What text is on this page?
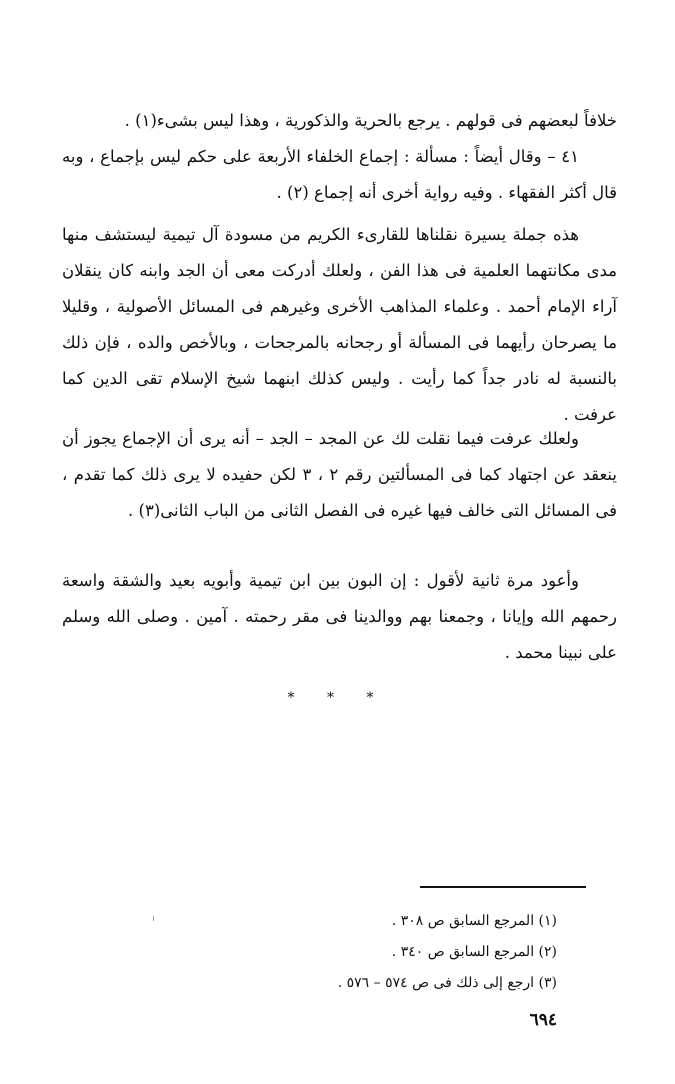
خلافاً لبعضهم فى قولهم . يرجع بالحرية والذكورية ، وهذا ليس بشىء(١) .

٤١ – وقال أيضاً : مسألة : إجماع الخلفاء الأربعة على حكم ليس بإجماع ، وبه قال أكثر الفقهاء . وفيه رواية أخرى أنه إجماع (٢) .

هذه جملة يسيرة نقلناها للقارىء الكريم من مسودة آل تيمية ليستشف منها مدى مكانتهما العلمية فى هذا الفن ، ولعلك أدركت معى أن الجد وابنه كان ينقلان آراء الإمام أحمد . وعلماء المذاهب الأخرى وغيرهم فى المسائل الأصولية ، وقليلا ما يصرحان رأيهما فى المسألة أو رجحانه بالمرجحات ، وبالأخص والده ، فإن ذلك بالنسبة له نادر جداً كما رأيت . وليس كذلك ابنهما شيخ الإسلام تقى الدين كما عرفت .

ولعلك عرفت فيما نقلت لك عن المجد – الجد – أنه يرى أن الإجماع يجوز أن ينعقد عن اجتهاد كما فى المسألتين رقم ٢ ، ٣ لكن حفيده لا يرى ذلك كما تقدم ، فى المسائل التى خالف فيها غيره فى الفصل الثانى من الباب الثانى(٣) .

وأعود مرة ثانية لأقول : إن البون بين ابن تيمية وأبويه بعيد والشقة واسعة رحمهم الله وإيانا ، وجمعنا بهم ووالدينا فى مقر رحمته . آمين . وصلى الله وسلم على نبينا محمد .

* * *
(١) المرجع السابق ص ٣٠٨ .
(٢) المرجع السابق ص ٣٤٠ .
(٣) ارجع إلى ذلك فى ص ٥٧٤ – ٥٧٦ .
٦٩٤
